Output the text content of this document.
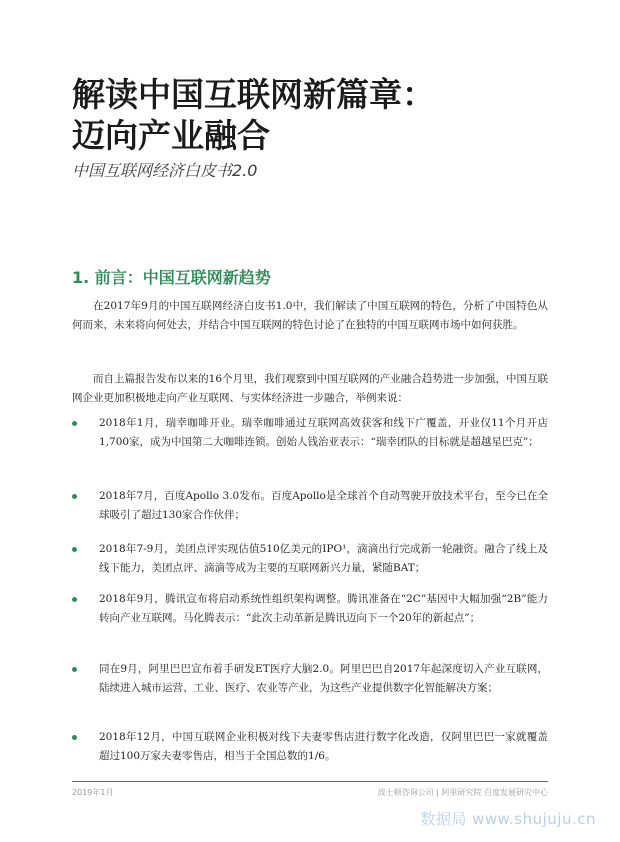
解读中国互联网新篇章：
迈向产业融合

中国互联网经济白皮书2.0

1. 前言：中国互联网新趋势

在2017年9月的中国互联网经济白皮书1.0中，我们解读了中国互联网的特色，分析了中国特色从何而来，未来将向何处去，并结合中国互联网的特色讨论了在独特的中国互联网市场中如何获胜。

而自上篇报告发布以来的16个月里，我们观察到中国互联网的产业融合趋势进一步加强，中国互联网企业更加积极地走向产业互联网、与实体经济进一步融合，举例来说：

2018年1月，瑞幸咖啡开业。瑞幸咖啡通过互联网高效获客和线下广覆盖，开业仅11个月开店1,700家，成为中国第二大咖啡连锁。创始人钱治亚表示：“瑞幸团队的目标就是超越星巴克”；
2018年7月，百度Apollo 3.0发布。百度Apollo是全球首个自动驾驶开放技术平台，至今已在全球吸引了超过130家合作伙伴；
2018年7-9月，美团点评实现估值510亿美元的IPO¹，滴滴出行完成新一轮融资。融合了线上及线下能力，美团点评、滴滴等成为主要的互联网新兴力量，紧随BAT；
2018年9月，腾讯宣布将启动系统性组织架构调整。腾讯准备在“2C”基因中大幅加强“2B”能力转向产业互联网。马化腾表示：“此次主动革新是腾讯迈向下一个20年的新起点”；
同在9月，阿里巴巴宣布着手研发ET医疗大脑2.0。阿里巴巴自2017年起深度切入产业互联网，陆续进入城市运营、工业、医疗、农业等产业，为这些产业提供数字化智能解决方案；
2018年12月，中国互联网企业积极对线下夫妻零售店进行数字化改造，仅阿里巴巴一家就覆盖超过100万家夫妻零售店，相当于全国总数的1/6。
2019年1月	波士顿咨询公司 | 阿里研究院 百度发展研究中心
数据局 www.shujuju.cn
